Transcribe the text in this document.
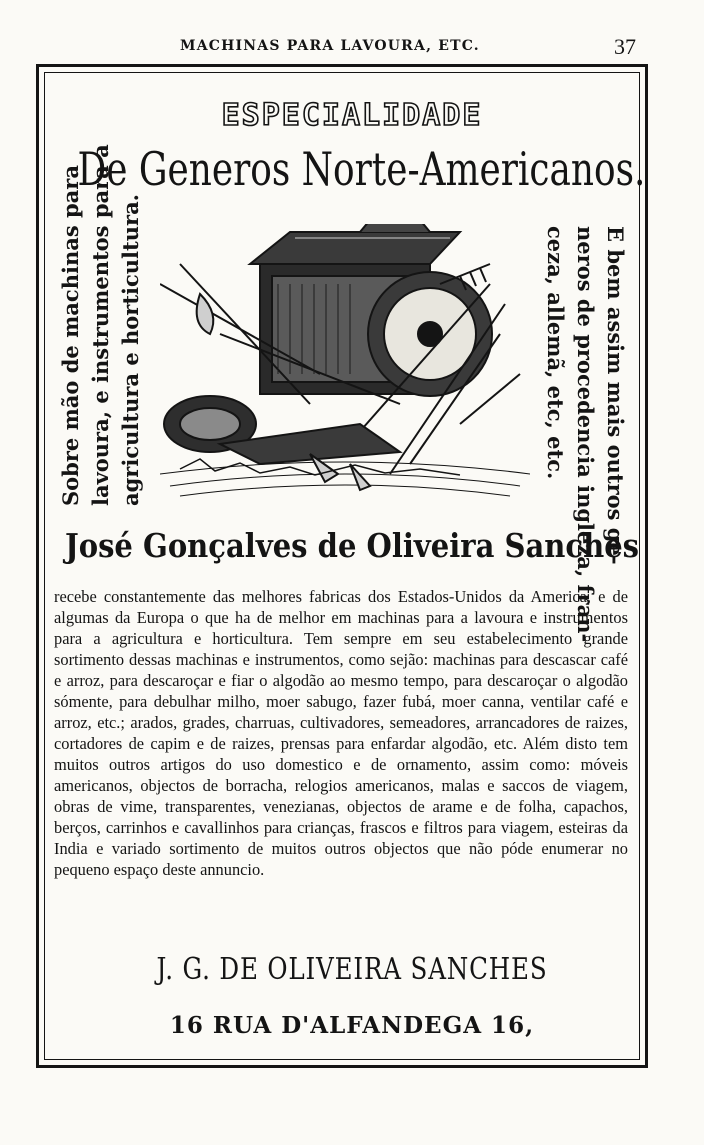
MACHINAS PARA LAVOURA, ETC.	37
ESPECIALIDADE
De Generos Norte-Americanos.
Sobre mão de machinas para lavoura, e instrumentos para a agricultura e horticultura.	E bem assim mais outros ge-
neros de procedencia ingleza, fran-
ceza, allemã, etc, etc.
José Gonçalves de Oliveira Sanches

recebe constantemente das melhores fabricas dos Estados-Unidos da America, e de algumas da Europa o que ha de melhor em machinas para a lavoura e instrumentos para a agricultura e horticultura. Tem sempre em seu estabelecimento grande sortimento dessas machinas e instrumentos, como sejão: machinas para descascar café e arroz, para descaroçar e fiar o algodão ao mesmo tempo, para descaroçar o algodão sómente, para debulhar milho, moer sabugo, fazer fubá, moer canna, ventilar café e arroz, etc.; arados, grades, charruas, cultivadores, semeadores, arrancadores de raizes, cortadores de capim e de raizes, prensas para enfardar algodão, etc. Além disto tem muitos outros artigos do uso domestico e de ornamento, assim como: móveis americanos, objectos de borracha, relogios americanos, malas e saccos de viagem, obras de vime, transparentes, venezianas, objectos de arame e de folha, capachos, berços, carrinhos e cavallinhos para crianças, frascos e filtros para viagem, esteiras da India e variado sortimento de muitos outros objectos que não póde enumerar no pequeno espaço deste annuncio.

J. G. DE OLIVEIRA SANCHES
16 RUA D'ALFANDEGA 16,
